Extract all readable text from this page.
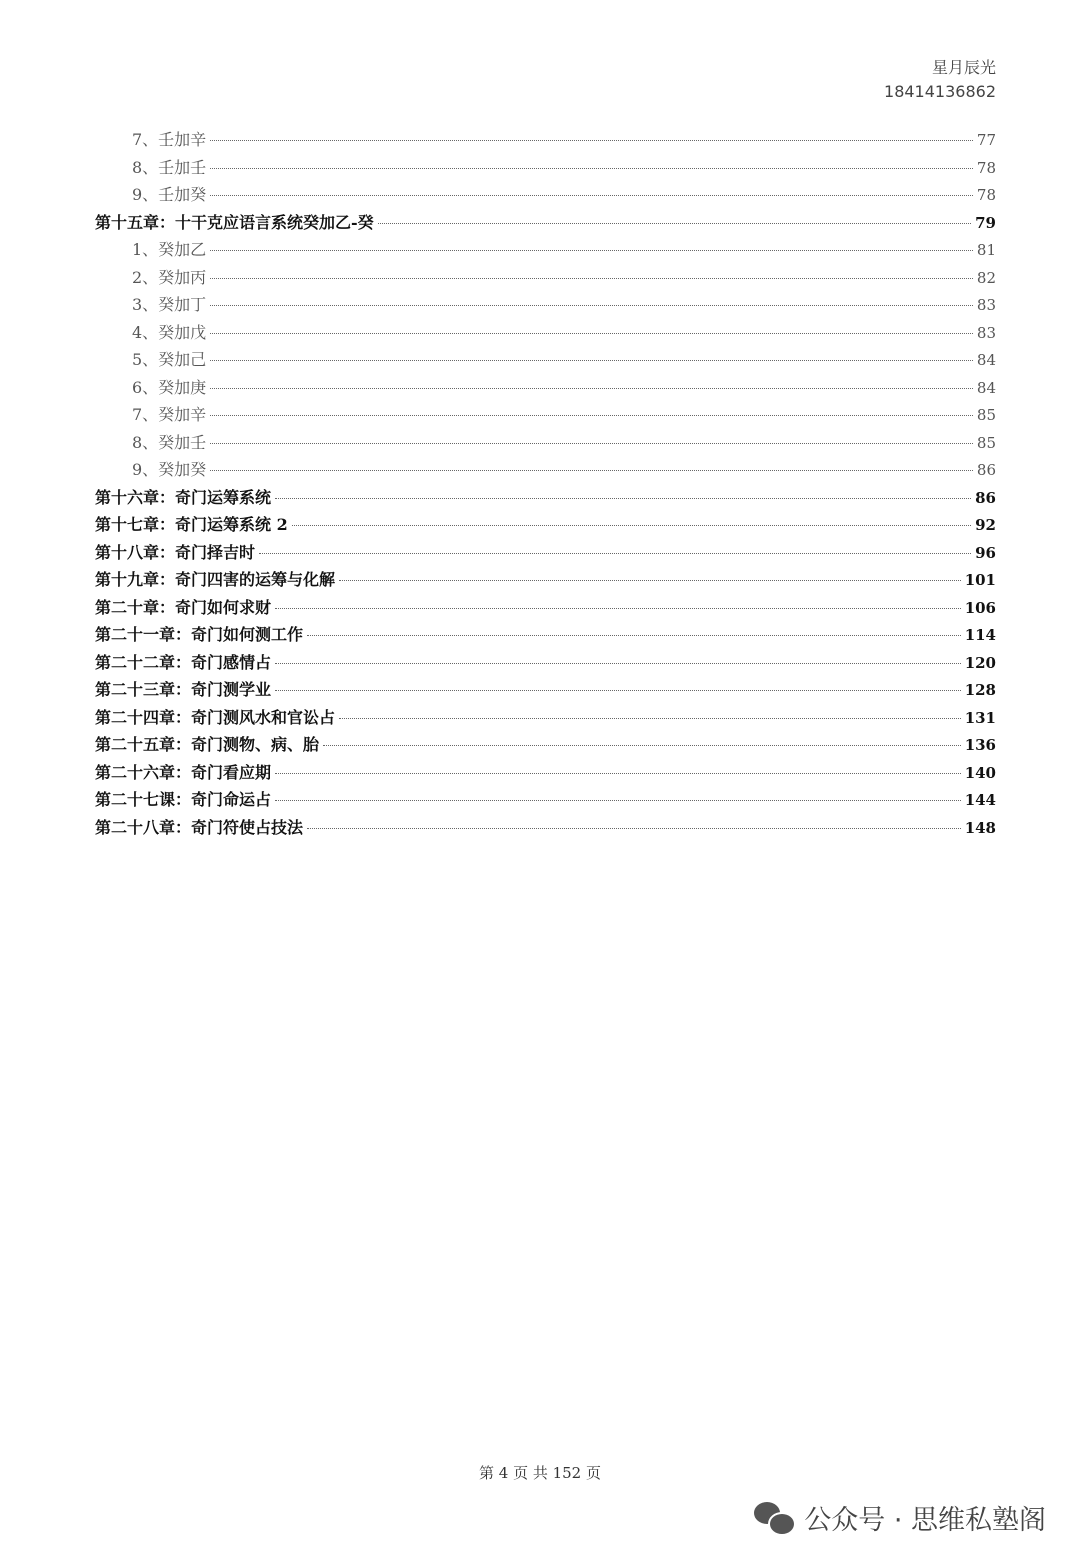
星月辰光
18414136862
7、壬加辛	77
8、壬加壬	78
9、壬加癸	78
第十五章：十干克应语言系统癸加乙-癸	79
1、癸加乙	81
2、癸加丙	82
3、癸加丁	83
4、癸加戊	83
5、癸加己	84
6、癸加庚	84
7、癸加辛	85
8、癸加壬	85
9、癸加癸	86
第十六章：奇门运筹系统	86
第十七章：奇门运筹系统 2	92
第十八章：奇门择吉时	96
第十九章：奇门四害的运筹与化解	101
第二十章：奇门如何求财	106
第二十一章：奇门如何测工作	114
第二十二章：奇门感情占	120
第二十三章：奇门测学业	128
第二十四章：奇门测风水和官讼占	131
第二十五章：奇门测物、病、胎	136
第二十六章：奇门看应期	140
第二十七课：奇门命运占	144
第二十八章：奇门符使占技法	148
第 4 页 共 152 页
公众号 · 思维私塾阁
